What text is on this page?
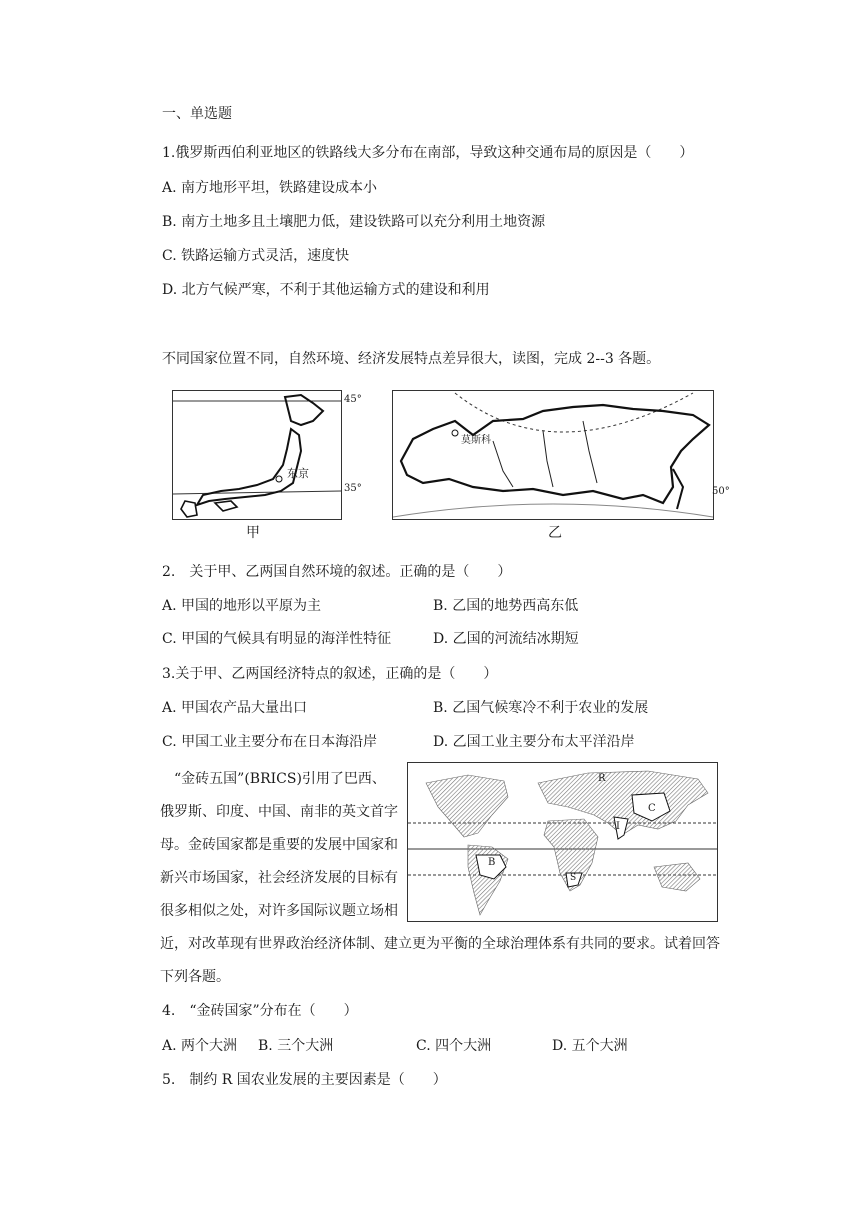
一、单选题
1.俄罗斯西伯利亚地区的铁路线大多分布在南部，导致这种交通布局的原因是（　　）
A. 南方地形平坦，铁路建设成本小
B. 南方土地多且土壤肥力低，建设铁路可以充分利用土地资源
C. 铁路运输方式灵活，速度快
D. 北方气候严寒，不利于其他运输方式的建设和利用
不同国家位置不同，自然环境、经济发展特点差异很大，读图，完成 2--3 各题。
东京
45°
35°
甲
莫斯科
50°
乙
2.　关于甲、乙两国自然环境的叙述。正确的是（　　）
A. 甲国的地形以平原为主	B. 乙国的地势西高东低
C. 甲国的气候具有明显的海洋性特征	D. 乙国的河流结冰期短
3.关于甲、乙两国经济特点的叙述，正确的是（　　）
A. 甲国农产品大量出口	B. 乙国气候寒冷不利于农业的发展
C. 甲国工业主要分布在日本海沿岸	D. 乙国工业主要分布太平洋沿岸
“金砖五国”(BRICS)引用了巴西、
俄罗斯、印度、中国、南非的英文首字
母。金砖国家都是重要的发展中国家和
新兴市场国家，社会经济发展的目标有
很多相似之处，对许多国际议题立场相
近，对改革现有世界政治经济体制、建立更为平衡的全球治理体系有共同的要求。试着回答
下列各题。
R
C
I
B
S
4.　“金砖国家”分布在（　　）
A. 两个大洲 B. 三个大洲	C. 四个大洲	D. 五个大洲
5.　制约 R 国农业发展的主要因素是（　　）
